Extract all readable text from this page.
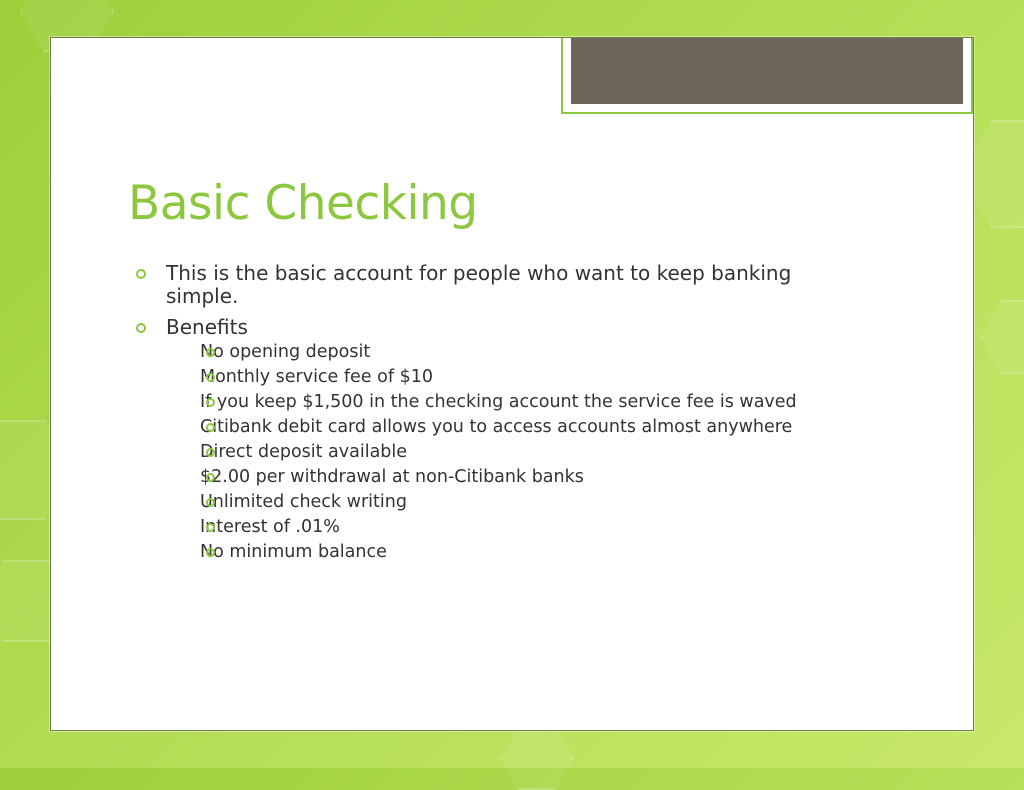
Basic Checking
This is the basic account for people who want to keep banking simple.
Benefits
No opening deposit
Monthly service fee of $10
If you keep $1,500 in the checking account the service fee is waved
Citibank debit card allows you to access accounts almost anywhere
Direct deposit available
$2.00 per withdrawal at non-Citibank banks
Unlimited check writing
Interest of .01%
No minimum balance
